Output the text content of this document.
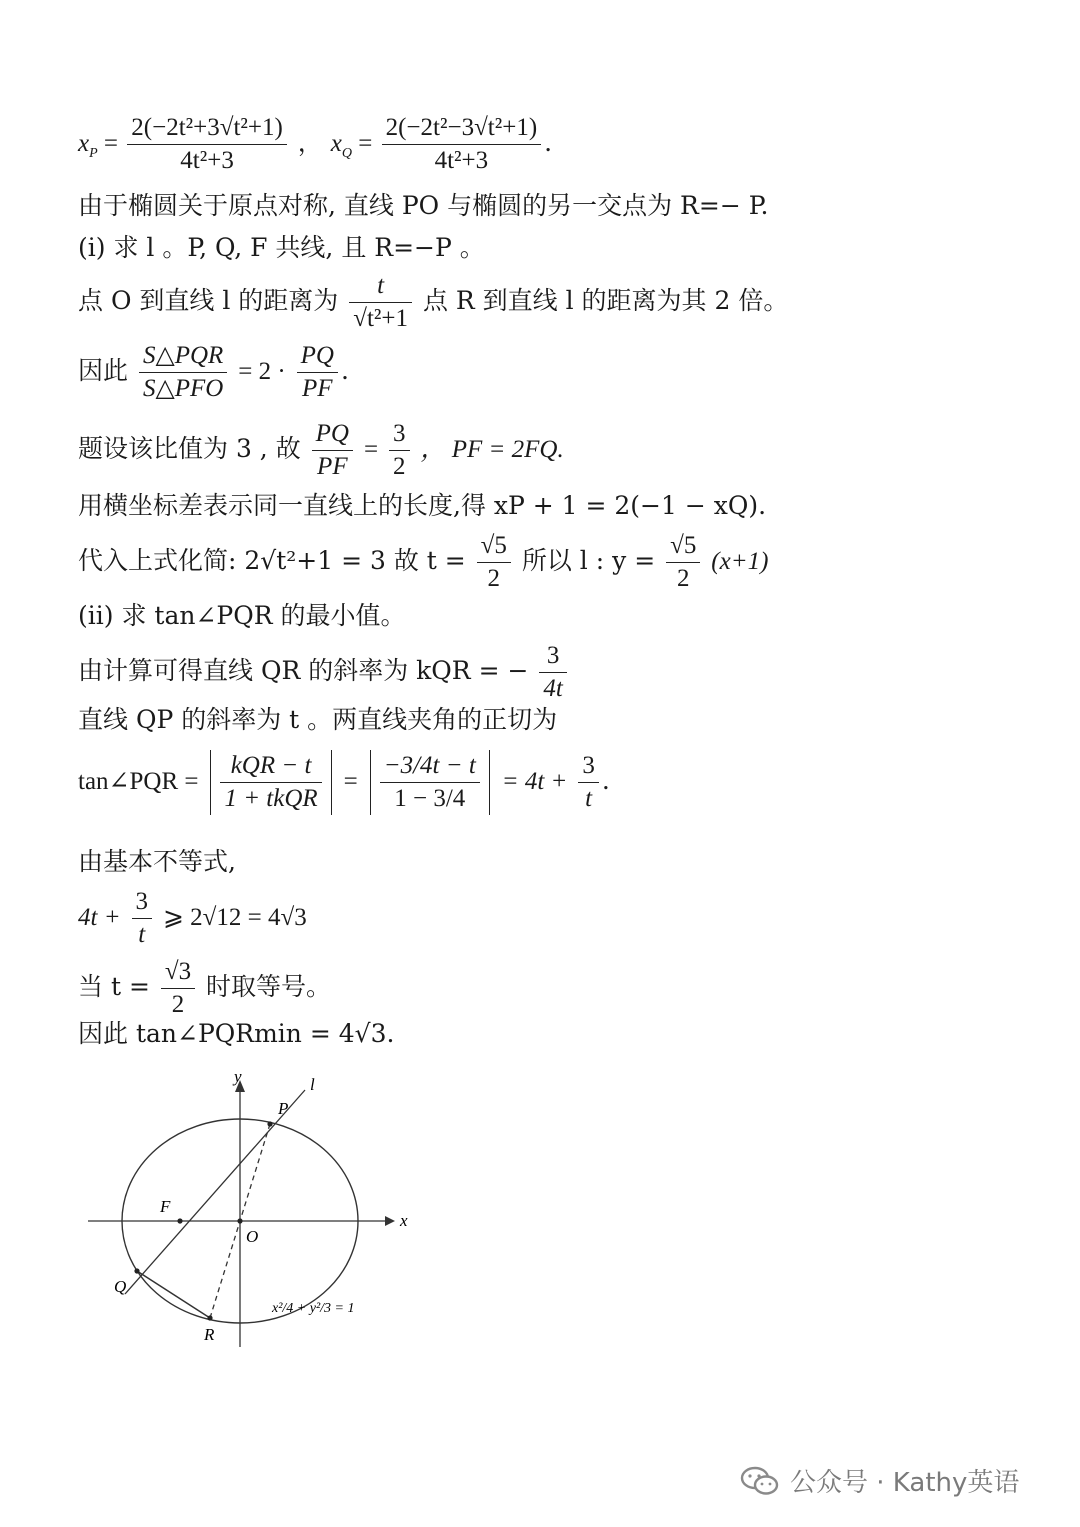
$x_P = \frac{\text{2(−2t²+3√t²+1)}}{\text{4t²+3}}$ ， $x_Q = \frac{\text{2(−2t²−3√t²+1)}}{\text{4t²+3}}$ .
由于椭圆关于原点对称, 直线 PO 与椭圆的另一交点为 R=− P.
(i) 求 l 。P, Q, F 共线, 且 R=−P 。
点 O 到直线 l 的距离为 $\frac{t}{\text{√t²+1}}$ 点 R 到直线 l 的距离为其 2 倍。
因此 $\frac{\text{S△PQR}}{\text{S△PFO}} = 2 \cdot \frac{PQ}{PF}$ .
题设该比值为 3 , 故 $\frac{PQ}{PF} = \frac{3}{2}$ ， PF = 2FQ.
用横坐标差表示同一直线上的长度,得 xP + 1 = 2(−1 − xQ).
代入上式化简: 2√t²+1 = 3 故 $t = \frac{√5}{2}$ 所以 l : $y = \frac{√5}{2} (x+1)$
(ii) 求 tan∠PQR 的最小值。
由计算可得直线 QR 的斜率为 kQR = − $\frac{3}{4t}$
直线 QP 的斜率为 t 。两直线夹角的正切为
tan∠PQR = $\frac{\text{kQR − t}}{\text{1 + tkQR}} = \frac{-3/4t - t}{1 - 3/4} = 4t + \frac{3}{t}$ .
由基本不等式,
$4t + \frac{3}{t}$ ⩾ 2√12 = 4√3
当 $t = \frac{√3}{2}$ 时取等号。
因此 tan∠PQRmin = 4√3.
y
x
l
P
F
O
Q
R
x²/4 + y²/3 = 1
公众号 · Kathy英语
